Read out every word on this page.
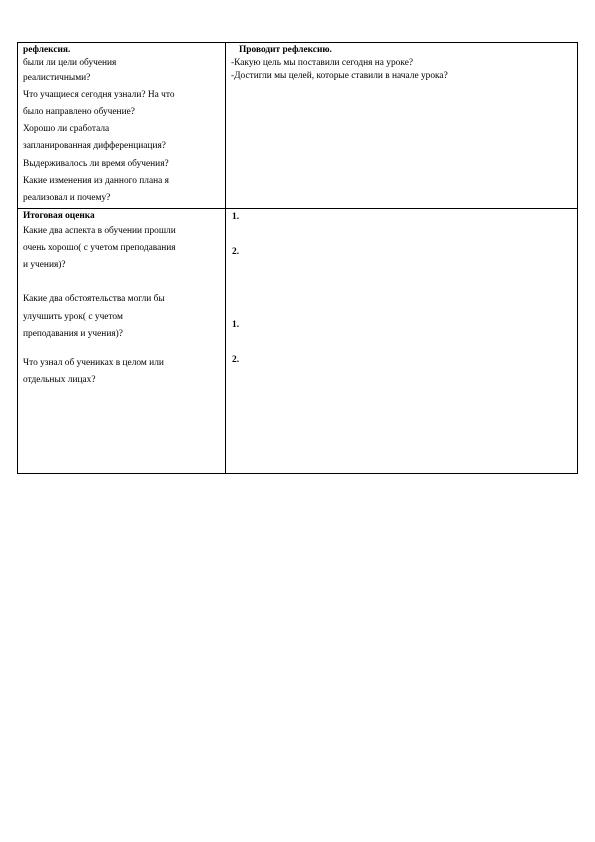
рефлексия.

были ли цели обучения

реалистичными?

Что учащиеся сегодня узнали? На что

было направлено обучение?

Хорошо ли сработала

запланированная дифференциация?

Выдерживалось ли время обучения?

Какие изменения из данного плана я

реализовал и почему?

Проводит рефлексию.

-Какую цель мы поставили сегодня на уроке?

-Достигли мы целей, которые ставили в начале урока?

Итоговая оценка

Какие два аспекта в обучении прошли

очень хорошо( с учетом преподавания

и учения)?

Какие два обстоятельства могли бы

улучшить урок( с учетом

преподавания и учения)?

Что узнал об учениках в целом или

отдельных лицах?

1.
2.
1.
2.
